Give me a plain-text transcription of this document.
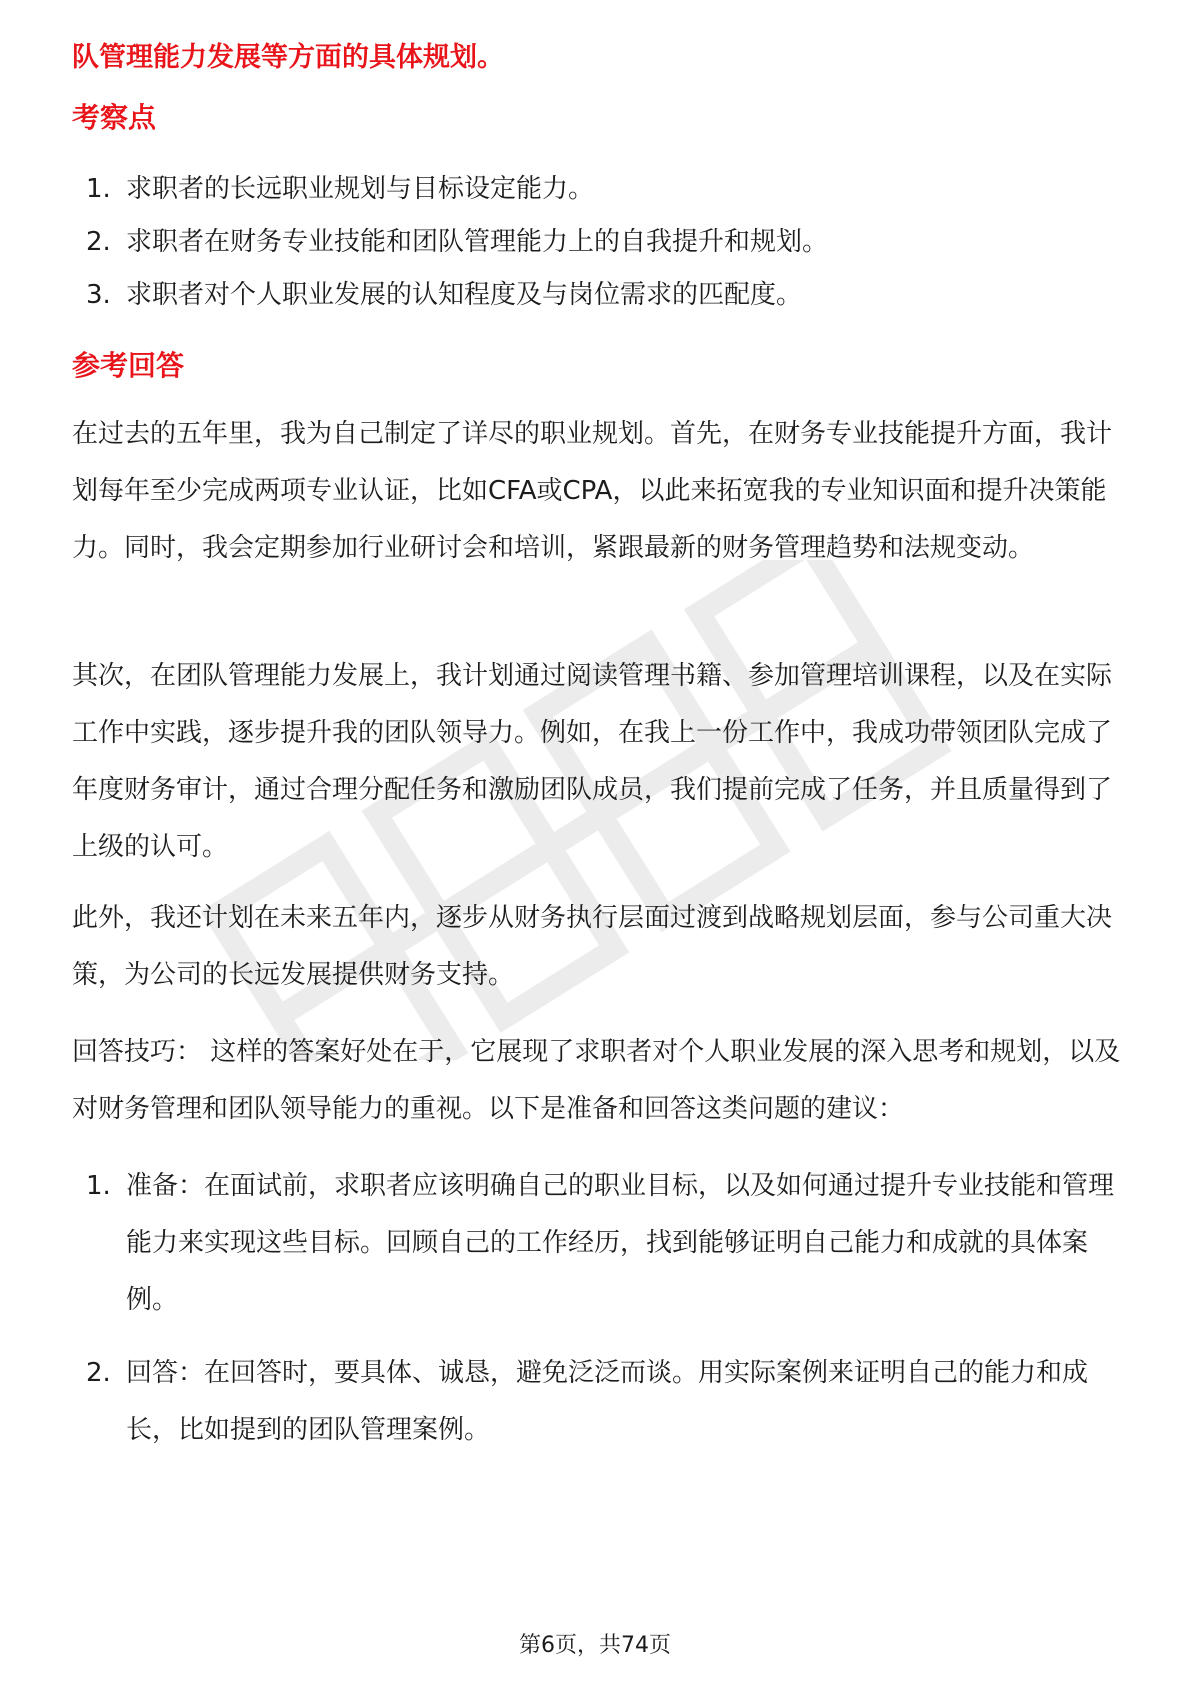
队管理能力发展等方面的具体规划。

考察点
1. 求职者的长远职业规划与目标设定能力。
2. 求职者在财务专业技能和团队管理能力上的自我提升和规划。
3. 求职者对个人职业发展的认知程度及与岗位需求的匹配度。
参考回答

在过去的五年里，我为自己制定了详尽的职业规划。首先，在财务专业技能提升方面，我计划每年至少完成两项专业认证，比如CFA或CPA，以此来拓宽我的专业知识面和提升决策能力。同时，我会定期参加行业研讨会和培训，紧跟最新的财务管理趋势和法规变动。

其次，在团队管理能力发展上，我计划通过阅读管理书籍、参加管理培训课程，以及在实际工作中实践，逐步提升我的团队领导力。例如，在我上一份工作中，我成功带领团队完成了年度财务审计，通过合理分配任务和激励团队成员，我们提前完成了任务，并且质量得到了上级的认可。

此外，我还计划在未来五年内，逐步从财务执行层面过渡到战略规划层面，参与公司重大决策，为公司的长远发展提供财务支持。

回答技巧： 这样的答案好处在于，它展现了求职者对个人职业发展的深入思考和规划，以及对财务管理和团队领导能力的重视。以下是准备和回答这类问题的建议：

1. 准备：在面试前，求职者应该明确自己的职业目标，以及如何通过提升专业技能和管理能力来实现这些目标。回顾自己的工作经历，找到能够证明自己能力和成就的具体案例。
2. 回答：在回答时，要具体、诚恳，避免泛泛而谈。用实际案例来证明自己的能力和成长，比如提到的团队管理案例。
第6页，共74页
